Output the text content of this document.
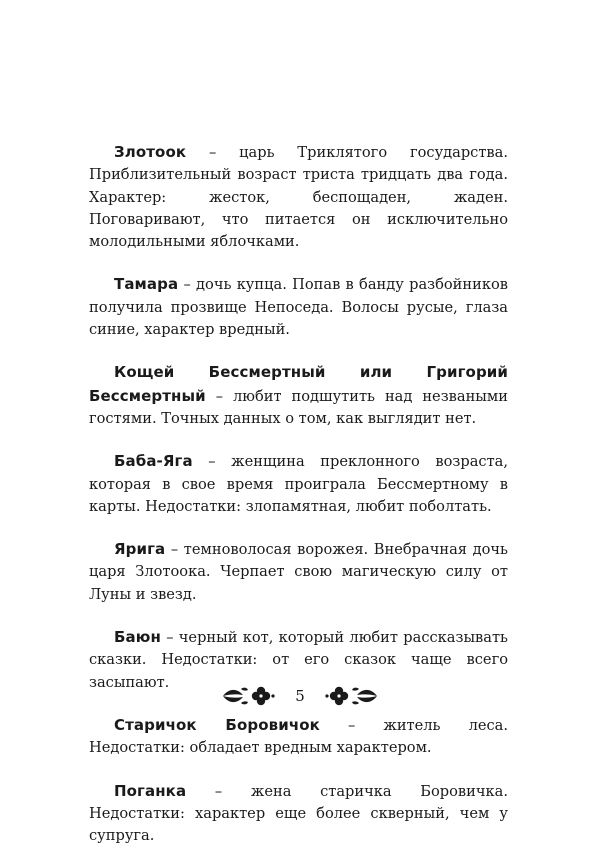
Злотоок – царь Триклятого государства. Приблизительный возраст триста тридцать два года. Характер: жесток, беспощаден, жаден. Поговаривают, что питается он исключительно молодильными яблочками.

Тамара – дочь купца. Попав в банду разбойников получила прозвище Непоседа. Волосы русые, глаза синие, характер вредный.

Кощей Бессмертный или Григорий Бессмертный – любит подшутить над незваными гостями. Точных данных о том, как выглядит нет.

Баба-Яга – женщина преклонного возраста, которая в свое время проиграла Бессмертному в карты. Недостатки: злопамятная, любит поболтать.

Ярига – темноволосая ворожея. Внебрачная дочь царя Злотоока. Черпает свою магическую силу от Луны и звезд.

Баюн – черный кот, который любит рассказывать сказки. Недостатки: от его сказок чаще всего засыпают.

Старичок Боровичок – житель леса. Недостатки: обладает вредным характером.

Поганка – жена старичка Боровичка. Недостатки: характер еще более скверный, чем у супруга.

5
